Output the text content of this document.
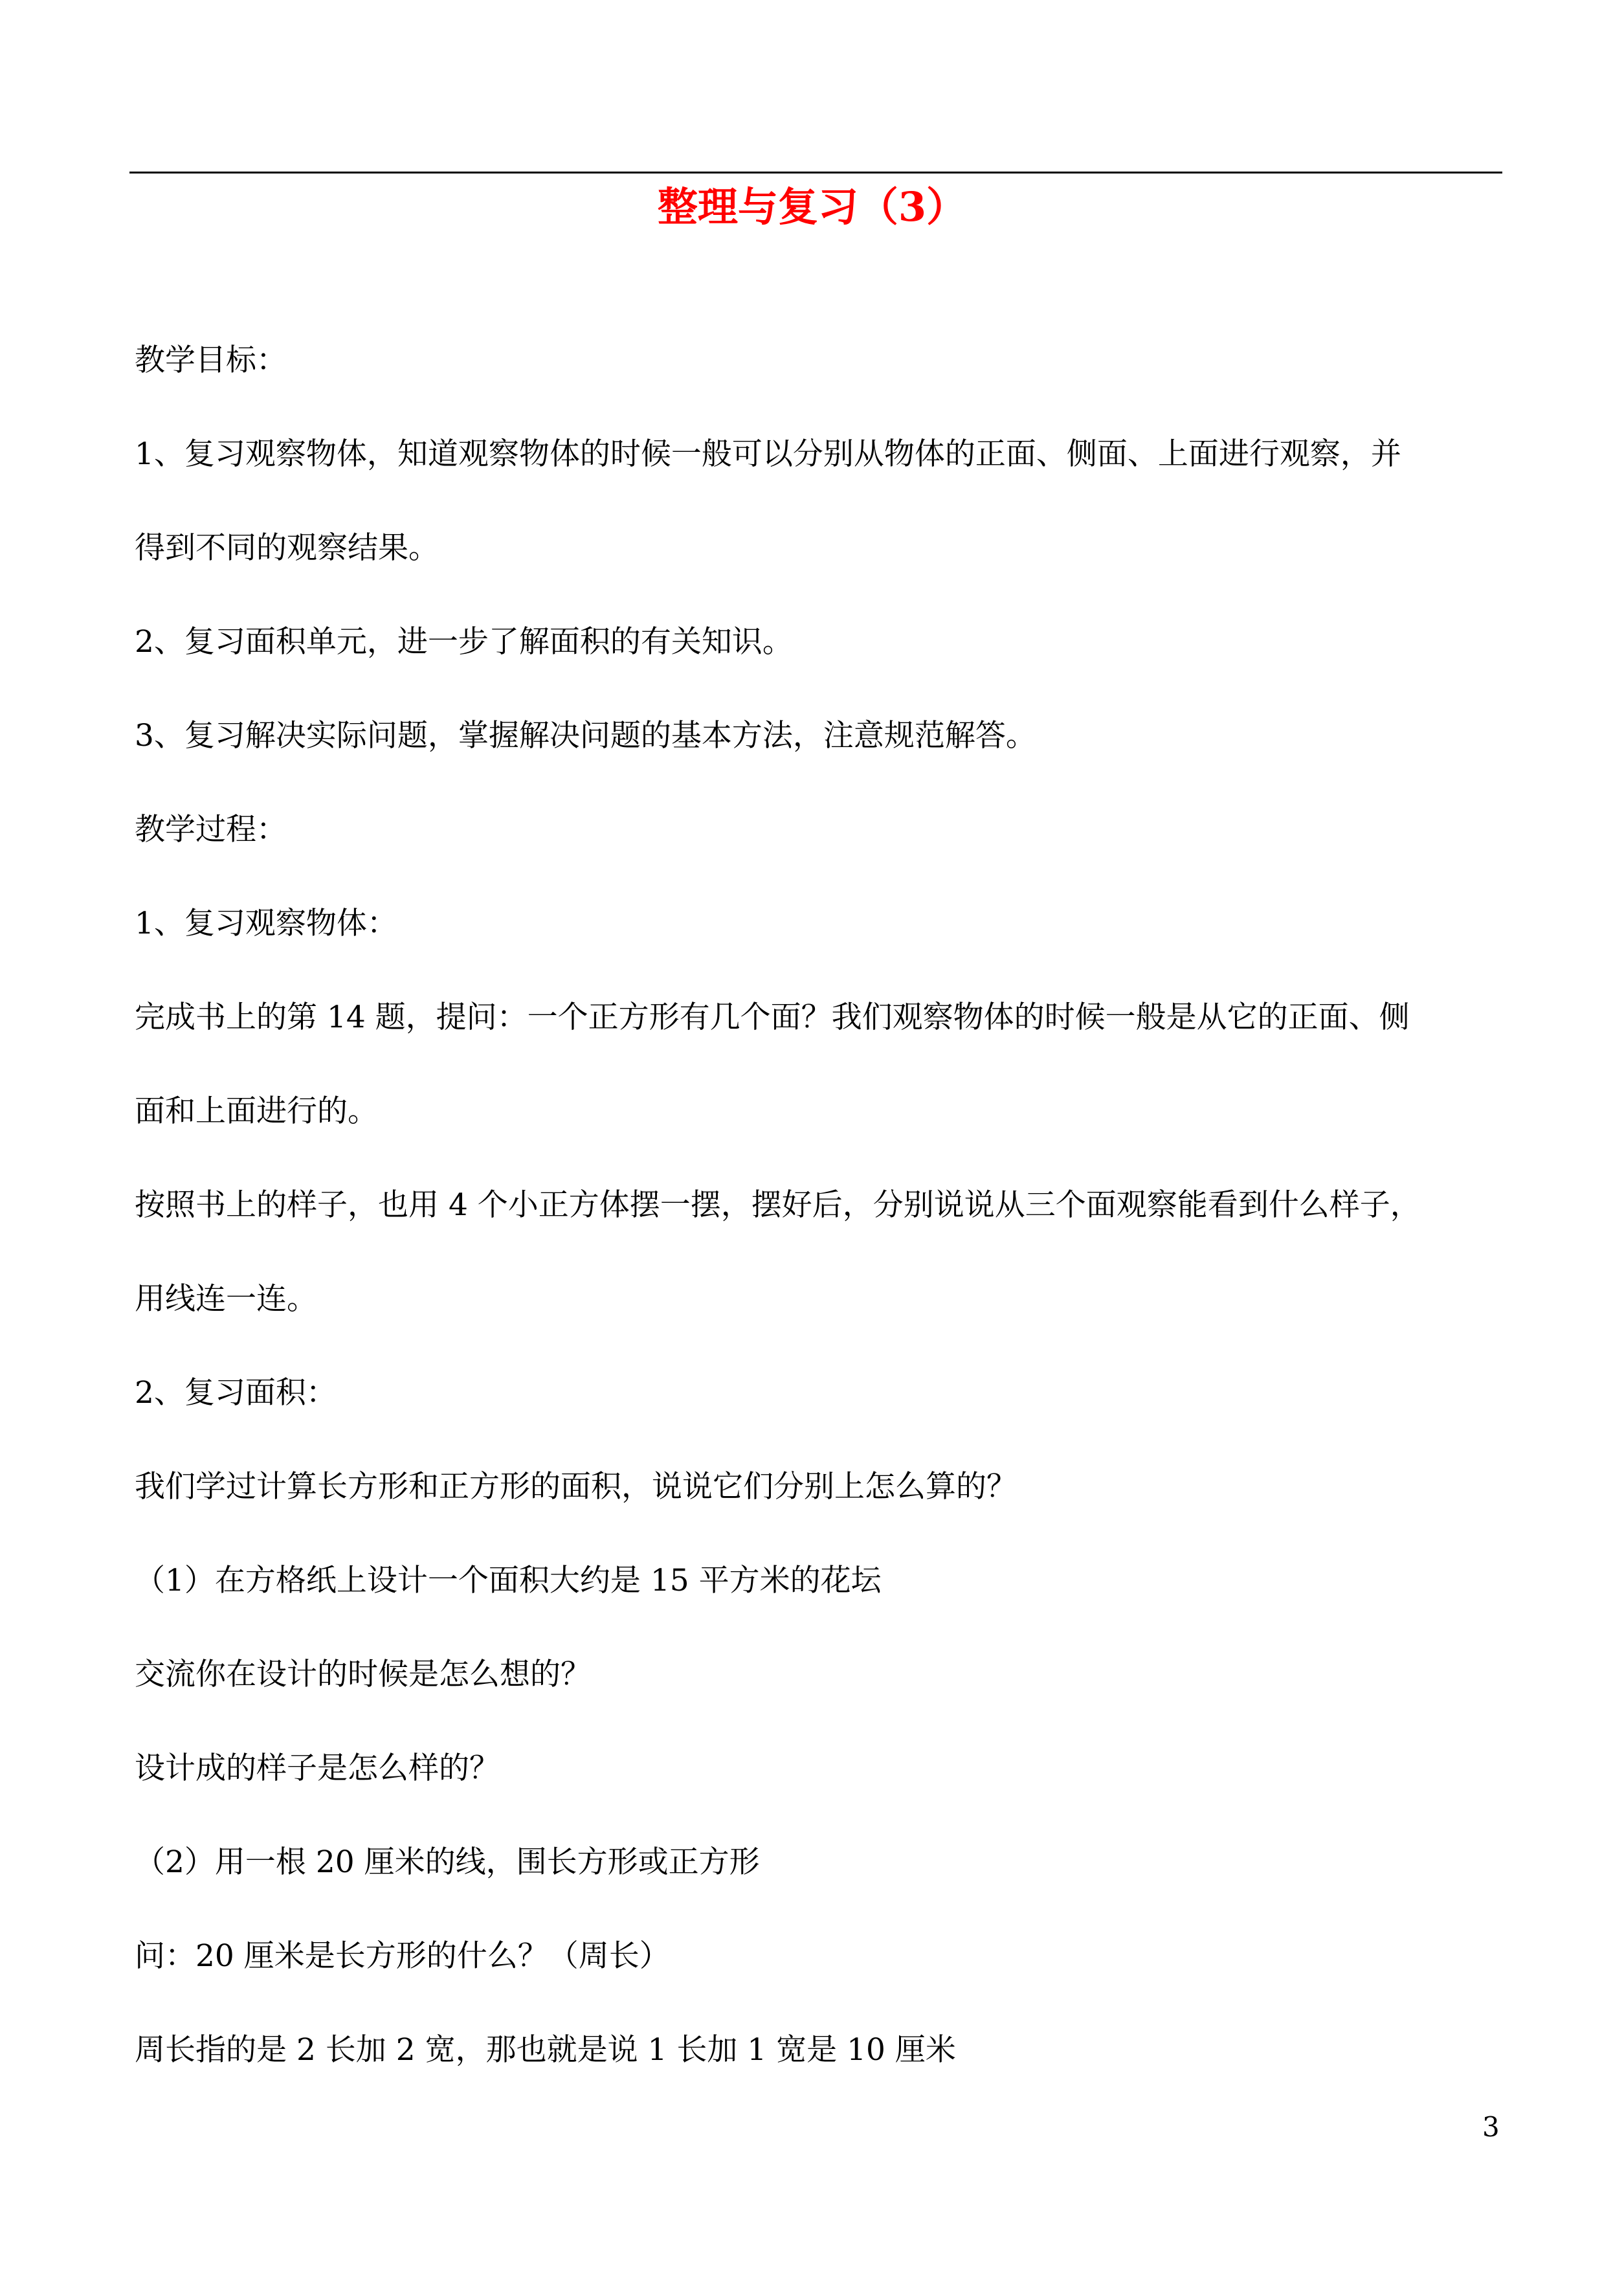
整理与复习（3）
教学目标：
1、复习观察物体，知道观察物体的时候一般可以分别从物体的正面、侧面、上面进行观察，并
得到不同的观察结果。
2、复习面积单元，进一步了解面积的有关知识。
3、复习解决实际问题，掌握解决问题的基本方法，注意规范解答。
教学过程：
1、复习观察物体：
完成书上的第 14 题，提问：一个正方形有几个面？我们观察物体的时候一般是从它的正面、侧
面和上面进行的。
按照书上的样子，也用 4 个小正方体摆一摆，摆好后，分别说说从三个面观察能看到什么样子，
用线连一连。
2、复习面积：
我们学过计算长方形和正方形的面积，说说它们分别上怎么算的？
（1）在方格纸上设计一个面积大约是 15 平方米的花坛
交流你在设计的时候是怎么想的？
设计成的样子是怎么样的？
（2）用一根 20 厘米的线，围长方形或正方形
问：20 厘米是长方形的什么？（周长）
周长指的是 2 长加 2 宽，那也就是说 1 长加 1 宽是 10 厘米
3
